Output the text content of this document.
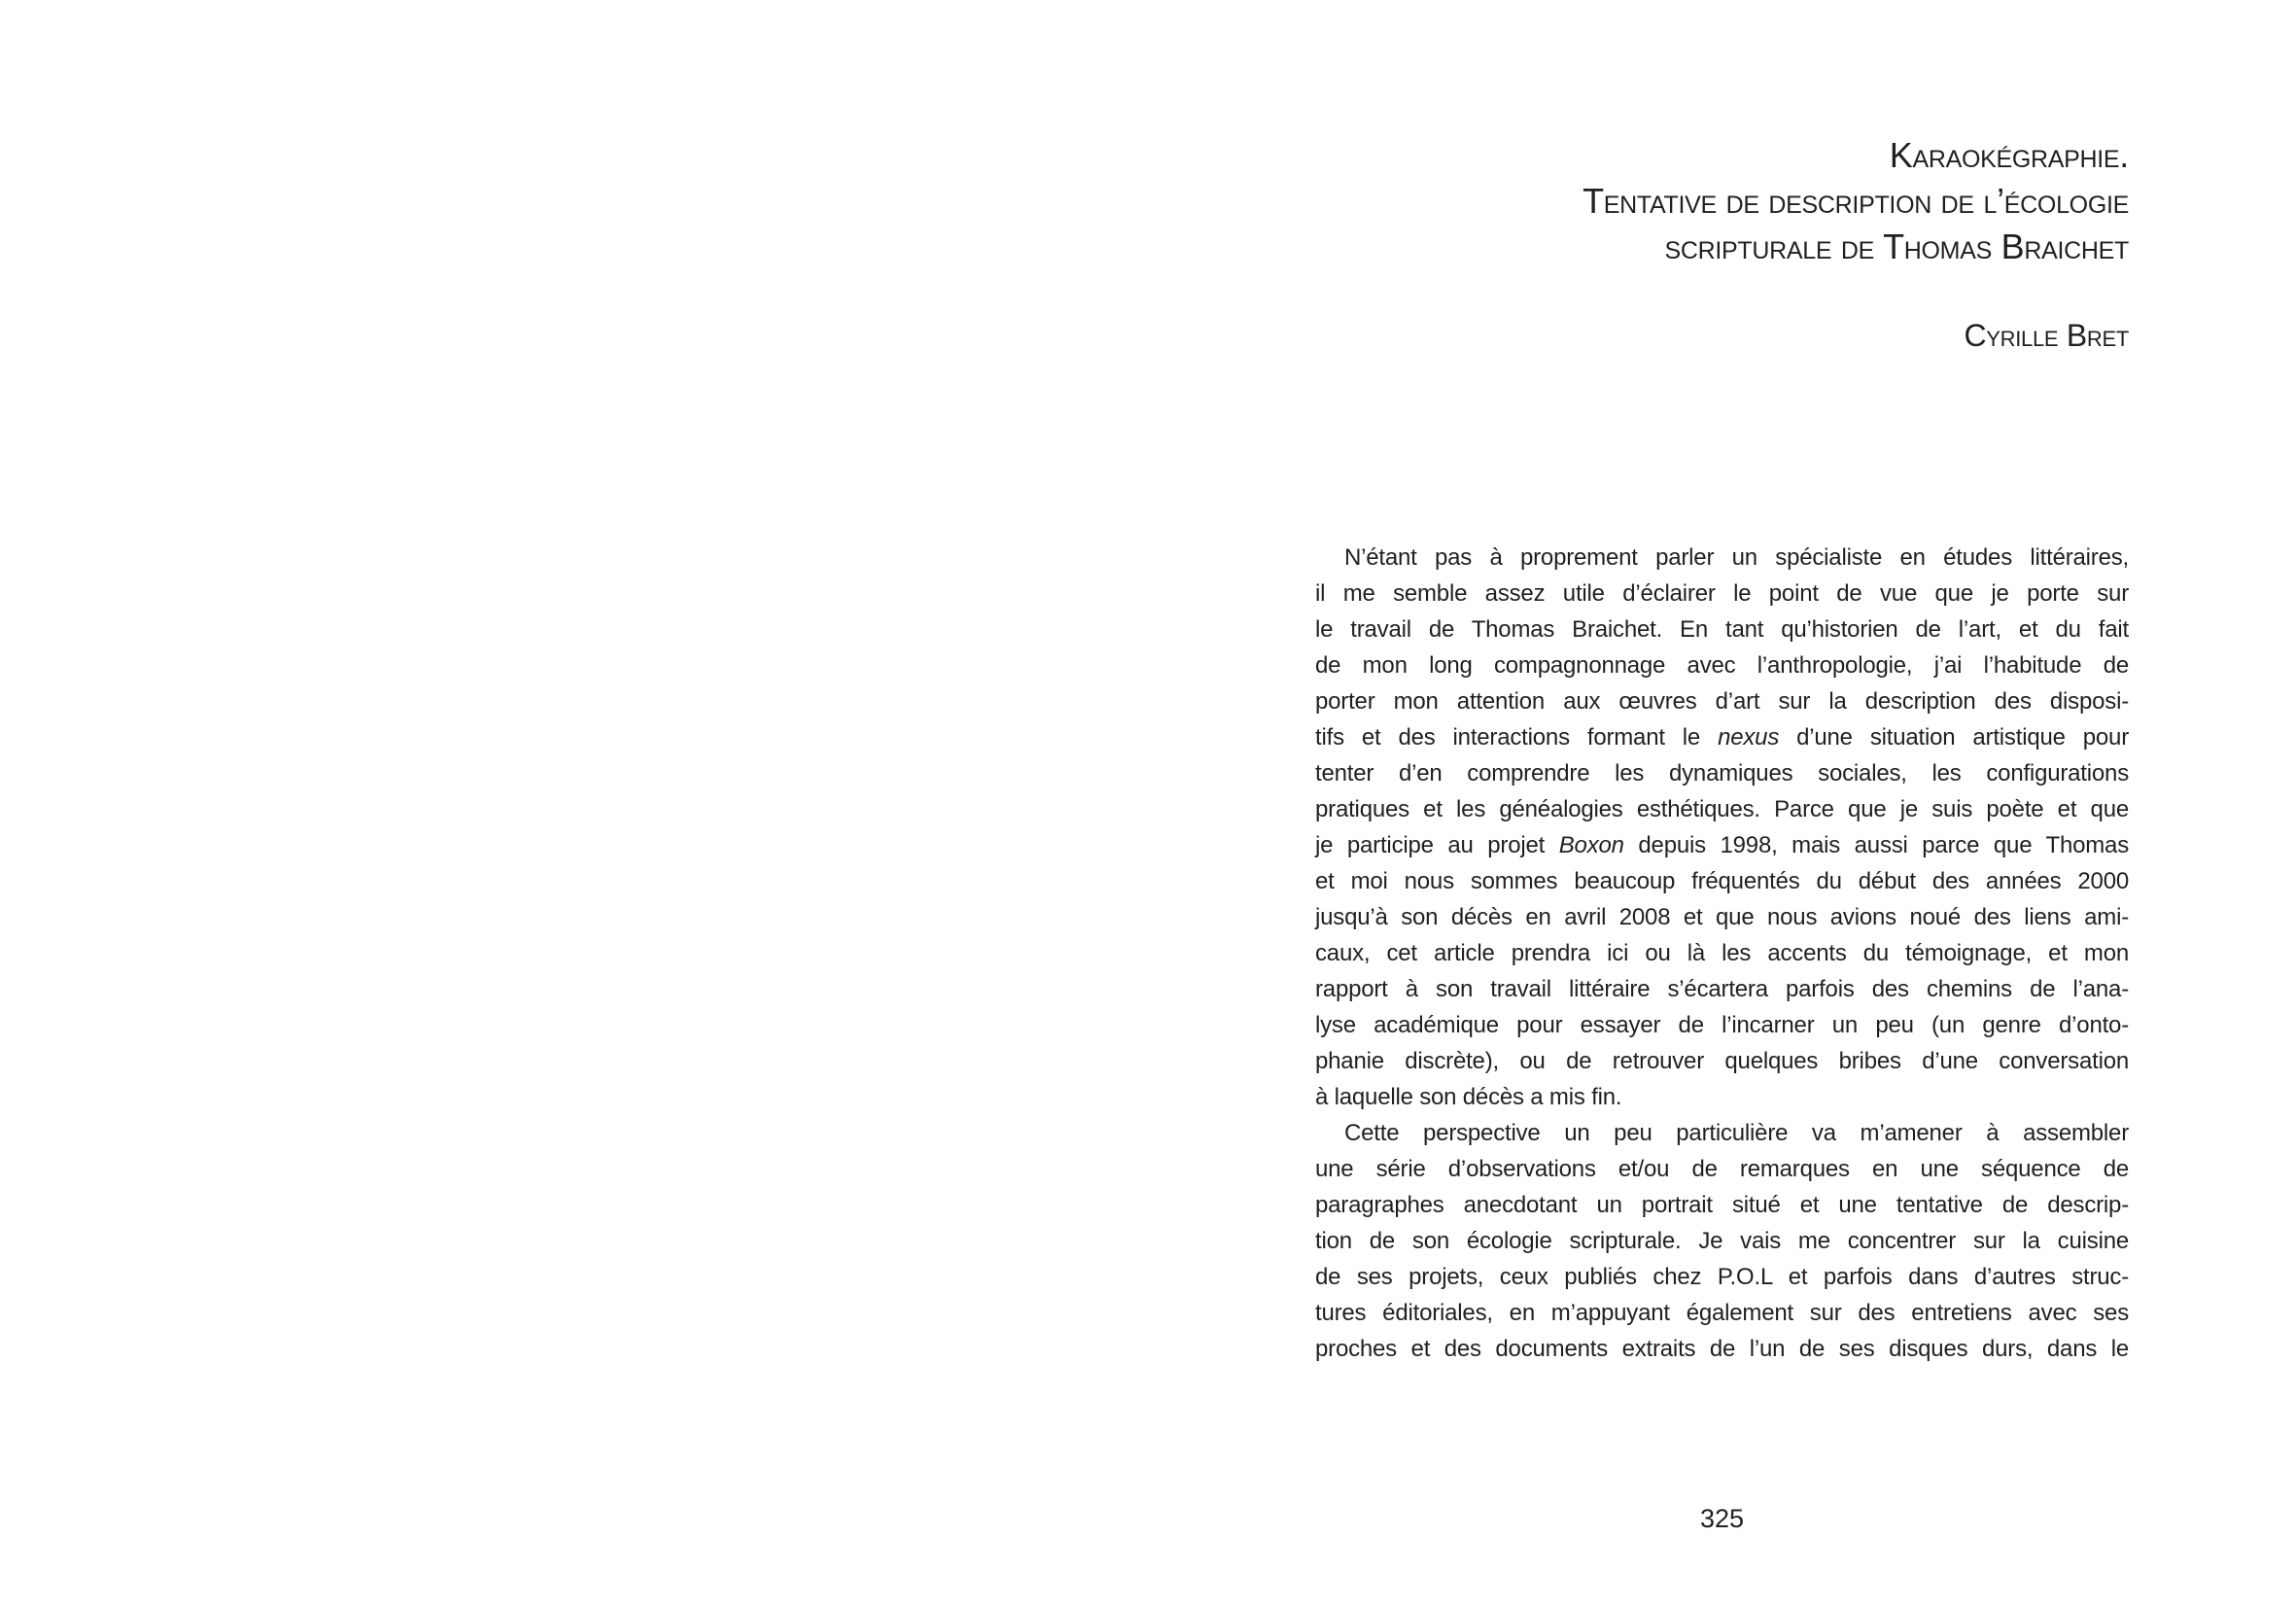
Karaokégraphie.
Tentative de description de l’écologie
scripturale de Thomas Braichet
Cyrille Bret
N’étant pas à proprement parler un spécialiste en études littéraires,
il me semble assez utile d’éclairer le point de vue que je porte sur
le travail de Thomas Braichet. En tant qu’historien de l’art, et du fait
de mon long compagnonnage avec l’anthropologie, j’ai l’habitude de
porter mon attention aux œuvres d’art sur la description des disposi-
tifs et des interactions formant le nexus d’une situation artistique pour
tenter d’en comprendre les dynamiques sociales, les configurations
pratiques et les généalogies esthétiques. Parce que je suis poète et que
je participe au projet Boxon depuis 1998, mais aussi parce que Thomas
et moi nous sommes beaucoup fréquentés du début des années 2000
jusqu’à son décès en avril 2008 et que nous avions noué des liens ami-
caux, cet article prendra ici ou là les accents du témoignage, et mon
rapport à son travail littéraire s’écartera parfois des chemins de l’ana-
lyse académique pour essayer de l’incarner un peu (un genre d’onto-
phanie discrète), ou de retrouver quelques bribes d’une conversation
à laquelle son décès a mis fin.
Cette perspective un peu particulière va m’amener à assembler
une série d’observations et/ou de remarques en une séquence de
paragraphes anecdotant un portrait situé et une tentative de descrip-
tion de son écologie scripturale. Je vais me concentrer sur la cuisine
de ses projets, ceux publiés chez P.O.L et parfois dans d’autres struc-
tures éditoriales, en m’appuyant également sur des entretiens avec ses
proches et des documents extraits de l’un de ses disques durs, dans le
325
